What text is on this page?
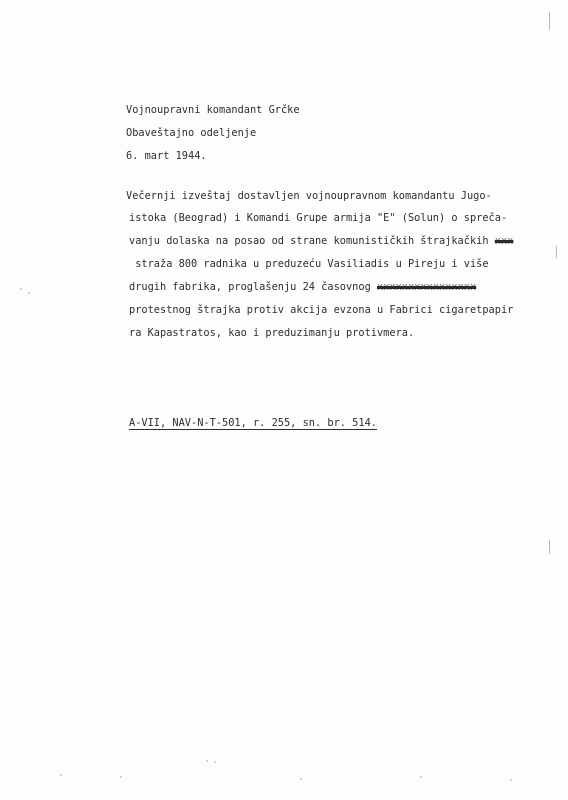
Vojnoupravni komandant Grčke
Obaveštajno odeljenje
6. mart 1944.
Večernji izveštaj dostavljen vojnoupravnom komandantu Jugo-
istoka (Beograd) i Komandi Grupe armija "E" (Solun) o spreča-
vanju dolaska na posao od strane komunističkih štrajkačkih xxx
straža 800 radnika u preduzeću Vasiliadis u Pireju i više
drugih fabrika, proglašenju 24 časovnog xxxxxxxxxxxxxxxx
protestnog štrajka protiv akcija evzona u Fabrici cigaretpapir
ra Kapastratos, kao i preduzimanju protivmera.
A-VII, NAV-N-T-501, r. 255, sn. br. 514.
